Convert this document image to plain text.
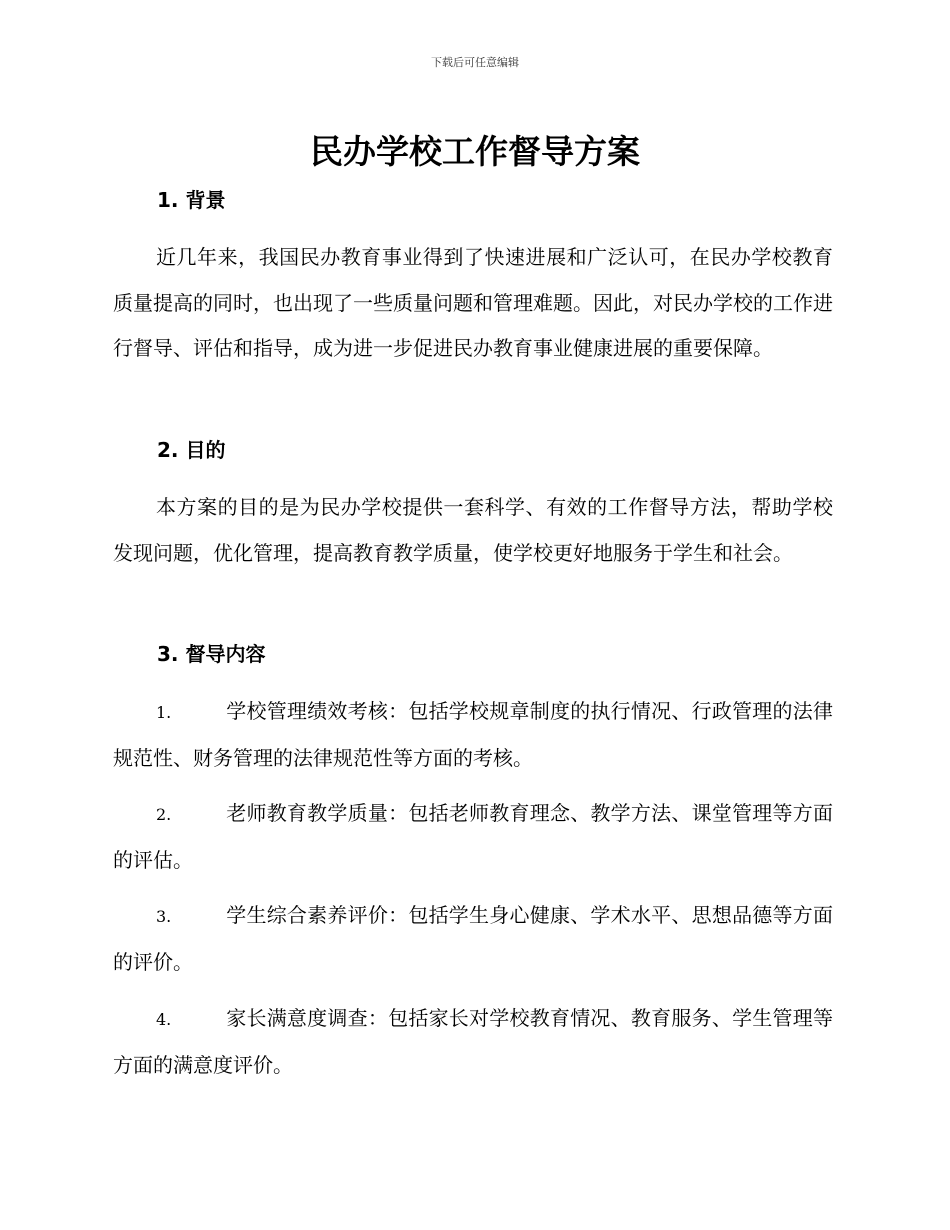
下载后可任意编辑
民办学校工作督导方案
1. 背景

近几年来，我国民办教育事业得到了快速进展和广泛认可，在民办学校教育质量提高的同时，也出现了一些质量问题和管理难题。因此，对民办学校的工作进行督导、评估和指导，成为进一步促进民办教育事业健康进展的重要保障。

2. 目的

本方案的目的是为民办学校提供一套科学、有效的工作督导方法，帮助学校发现问题，优化管理，提高教育教学质量，使学校更好地服务于学生和社会。

3. 督导内容

1.	学校管理绩效考核：包括学校规章制度的执行情况、行政管理的法律规范性、财务管理的法律规范性等方面的考核。

2.	老师教育教学质量：包括老师教育理念、教学方法、课堂管理等方面的评估。

3.	学生综合素养评价：包括学生身心健康、学术水平、思想品德等方面的评价。

4.	家长满意度调查：包括家长对学校教育情况、教育服务、学生管理等方面的满意度评价。
